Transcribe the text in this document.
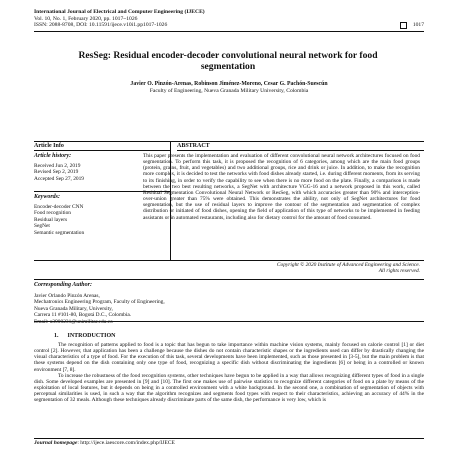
International Journal of Electrical and Computer Engineering (IJECE)
Vol. 10, No. 1, February 2020, pp. 1017~1026
ISSN: 2088-8708, DOI: 10.11591/ijece.v10i1.pp1017-1026	1017
ResSeg: Residual encoder-decoder convolutional neural network for food segmentation
Javier O. Pinzón-Arenas, Robinson Jiménez-Moreno, Cesar G. Pachón-Suescún
Faculty of Engineering, Nueva Granada Military University, Colombia
Article Info	ABSTRACT
Article history:
Received Jun 2, 2019
Revised Sep 2, 2019
Accepted Sep 27, 2019
Keywords:
Encoder-decoder CNN
Food recognition
Residual layers
SegNet
Semantic segmentation
This paper presents the implementation and evaluation of different convolutional neural network architectures focused on food segmentation. To perform this task, it is proposed the recognition of 6 categories, among which are the main food groups (protein, grains, fruit, and vegetables) and two additional groups, rice and drink or juice. In addition, to make the recognition more complex, it is decided to test the networks with food dishes already started, i.e. during different moments, from its serving to its finishing, in order to verify the capability to see when there is no more food on the plate. Finally, a comparison is made between the two best resulting networks, a SegNet with architecture VGG-16 and a network proposed in this work, called Residual Segmentation Convolutional Neural Network or ResSeg, with which accuracies greater than 90% and interception-over-union greater than 75% were obtained. This demonstrates the ability, not only of SegNet architectures for food segmentation, but the use of residual layers to improve the contour of the segmentation and segmentation of complex distribution or initiated of food dishes, opening the field of application of this type of networks to be implemented in feeding assistants or in automated restaurants, including also for dietary control for the amount of food consumed.
Copyright © 2020 Institute of Advanced Engineering and Science.
All rights reserved.
Corresponding Author:
Javier Orlando Pinzón Arenas,
Mechatronics Engineering Program, Faculty of Engineering,
Nueva Granada Military, University,
Carrera 11 #101-80, Bogotá D.C., Colombia.
Email: u3900231@unimilitar.edu.co
1.      INTRODUCTION
The recognition of patterns applied to food is a topic that has begun to take importance within machine vision systems, mainly focused on calorie control [1] or diet control [2]. However, that application has been a challenge because the dishes do not contain characteristic shapes or the ingredients used can differ by drastically changing the visual characteristics of a type of food. For the execution of this task, several developments have been implemented, such as those presented in [3-5], but the main problem is that these systems depend on the dish containing only one type of food, recognizing a specific dish without discriminating the ingredients [6] or being in a controlled or known environment [7, 8].
To increase the robustness of the food recognition systems, other techniques have begun to be applied in a way that allows recognizing different types of food in a single dish. Some developed examples are presented in [9] and [10]. The first one makes use of pairwise statistics to recognize different categories of food on a plate by means of the exploitation of local features, but it depends on being in a controlled environment with a white background. In the second one, a combination of segmentation of objects with perceptual similarities is used, in such a way that the algorithm recognizes and segments food types with respect to their characteristics, achieving an accuracy of 44% in the segmentation of 32 meals. Although these techniques already discriminate parts of the same dish, the performance is very low, which is
Journal homepage: http://ijece.iaescore.com/index.php/IJECE
